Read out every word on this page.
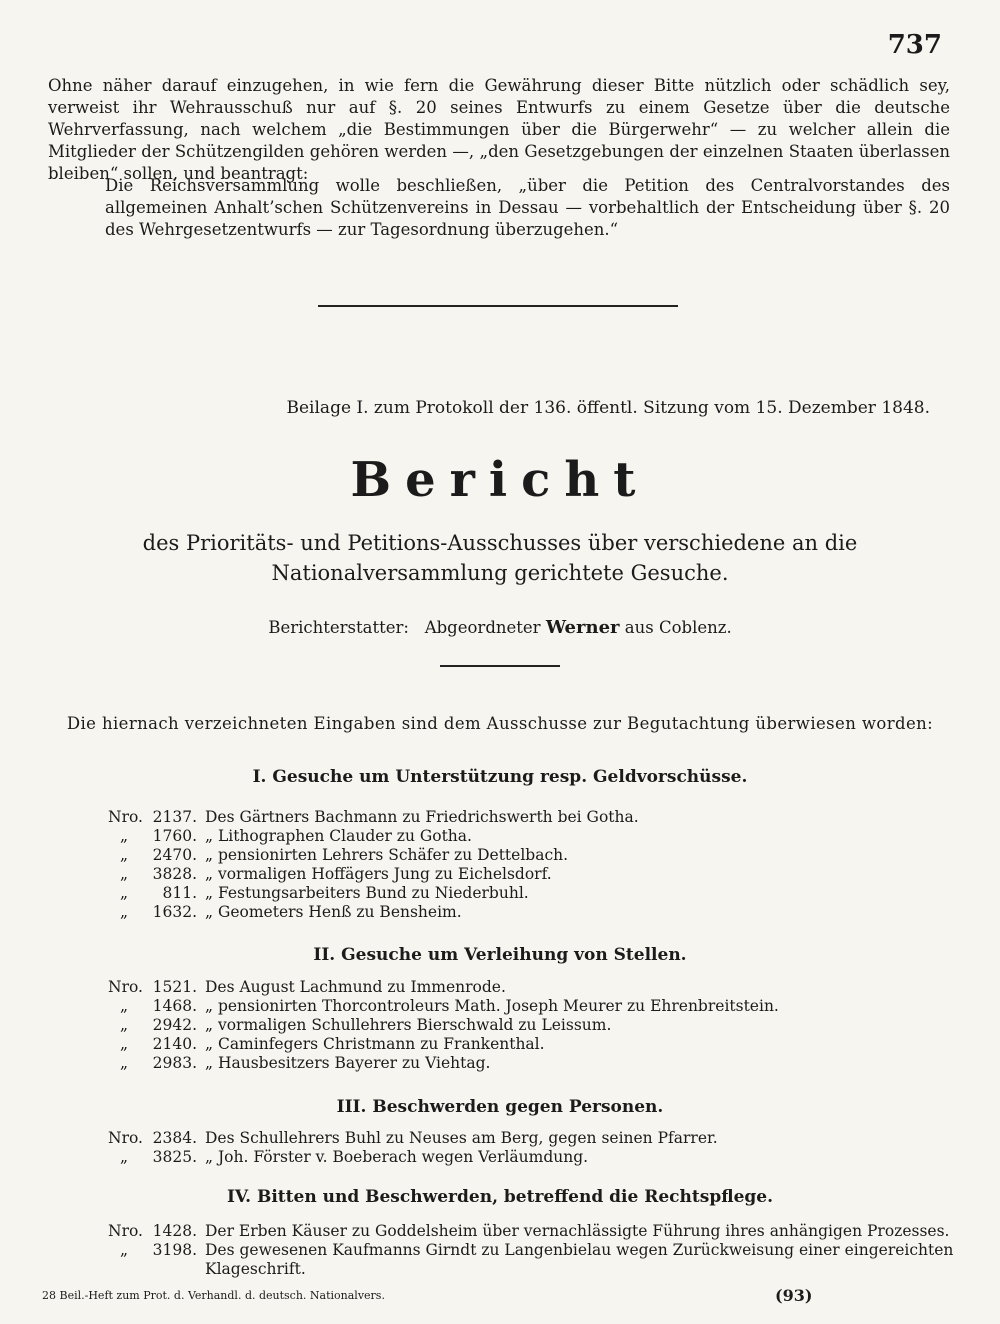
737
Ohne näher darauf einzugehen, in wie fern die Gewährung dieser Bitte nützlich oder schädlich sey, verweist ihr Wehrausschuß nur auf §. 20 seines Entwurfs zu einem Gesetze über die deutsche Wehrverfassung, nach welchem „die Bestimmungen über die Bürgerwehr“ — zu welcher allein die Mitglieder der Schützengilden gehören werden —, „den Gesetzgebungen der einzelnen Staaten überlassen bleiben“ sollen, und beantragt:
Die Reichsversammlung wolle beschließen, „über die Petition des Centralvorstandes des allgemeinen Anhalt’schen Schützenvereins in Dessau — vorbehaltlich der Entscheidung über §. 20 des Wehrgesetzentwurfs — zur Tagesordnung überzugehen.“
Beilage I. zum Protokoll der 136. öffentl. Sitzung vom 15. Dezember 1848.
Bericht
des Prioritäts- und Petitions-Ausschusses über verschiedene an die Nationalversammlung gerichtete Gesuche.
Berichterstatter: Abgeordneter Werner aus Coblenz.
Die hiernach verzeichneten Eingaben sind dem Ausschusse zur Begutachtung überwiesen worden:
I. Gesuche um Unterstützung resp. Geldvorschüsse.
Nro. 2137. Des Gärtners Bachmann zu Friedrichswerth bei Gotha.
„ 1760. „ Lithographen Clauder zu Gotha.
„ 2470. „ pensionirten Lehrers Schäfer zu Dettelbach.
„ 3828. „ vormaligen Hoffägers Jung zu Eichelsdorf.
„	811. „ Festungsarbeiters Bund zu Niederbuhl.
„ 1632. „ Geometers Henß zu Bensheim.
II. Gesuche um Verleihung von Stellen.
Nro. 1521. Des August Lachmund zu Immenrode.
„ 1468. „ pensionirten Thorcontroleurs Math. Joseph Meurer zu Ehrenbreitstein.
„ 2942. „ vormaligen Schullehrers Bierschwald zu Leissum.
„ 2140. „ Caminfegers Christmann zu Frankenthal.
„ 2983. „ Hausbesitzers Bayerer zu Viehtag.
III. Beschwerden gegen Personen.
Nro. 2384. Des Schullehrers Buhl zu Neuses am Berg, gegen seinen Pfarrer.
„ 3825. „ Joh. Förster v. Boeberach wegen Verläumdung.
IV. Bitten und Beschwerden, betreffend die Rechtspflege.
Nro. 1428. Der Erben Käuser zu Goddelsheim über vernachlässigte Führung ihres anhängigen Prozesses.
„ 3198. Des gewesenen Kaufmanns Girndt zu Langenbielau wegen Zurückweisung einer eingereichten
Klageschrift.
28 Beil.-Heft zum Prot. d. Verhandl. d. deutsch. Nationalvers.	(93)
